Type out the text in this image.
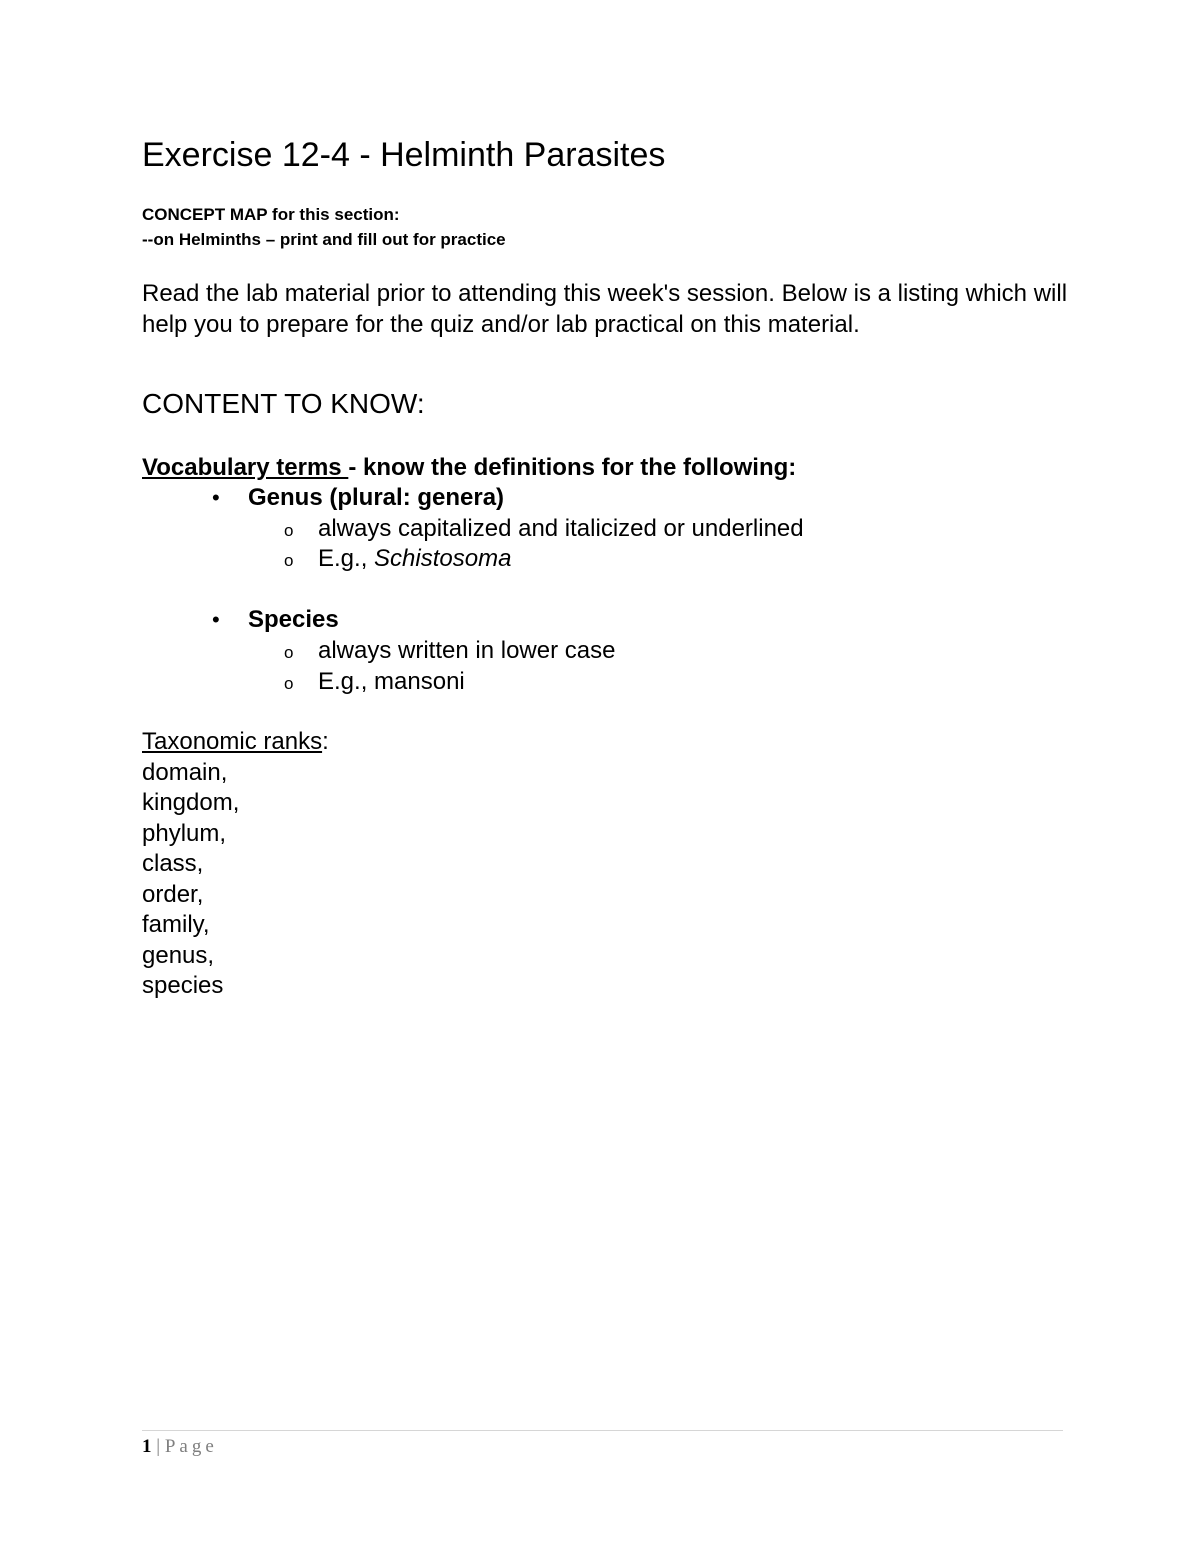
Exercise 12-4 - Helminth Parasites
CONCEPT MAP for this section:
--on Helminths – print and fill out for practice
Read the lab material prior to attending this week's session. Below is a listing which will help you to prepare for the quiz and/or lab practical on this material.
CONTENT TO KNOW:
Vocabulary terms - know the definitions for the following:
• Genus (plural: genera)
o always capitalized and italicized or underlined
o E.g., Schistosoma
• Species
o always written in lower case
o E.g., mansoni
Taxonomic ranks:
domain,
kingdom,
phylum,
class,
order,
family,
genus,
species
1 | Page
